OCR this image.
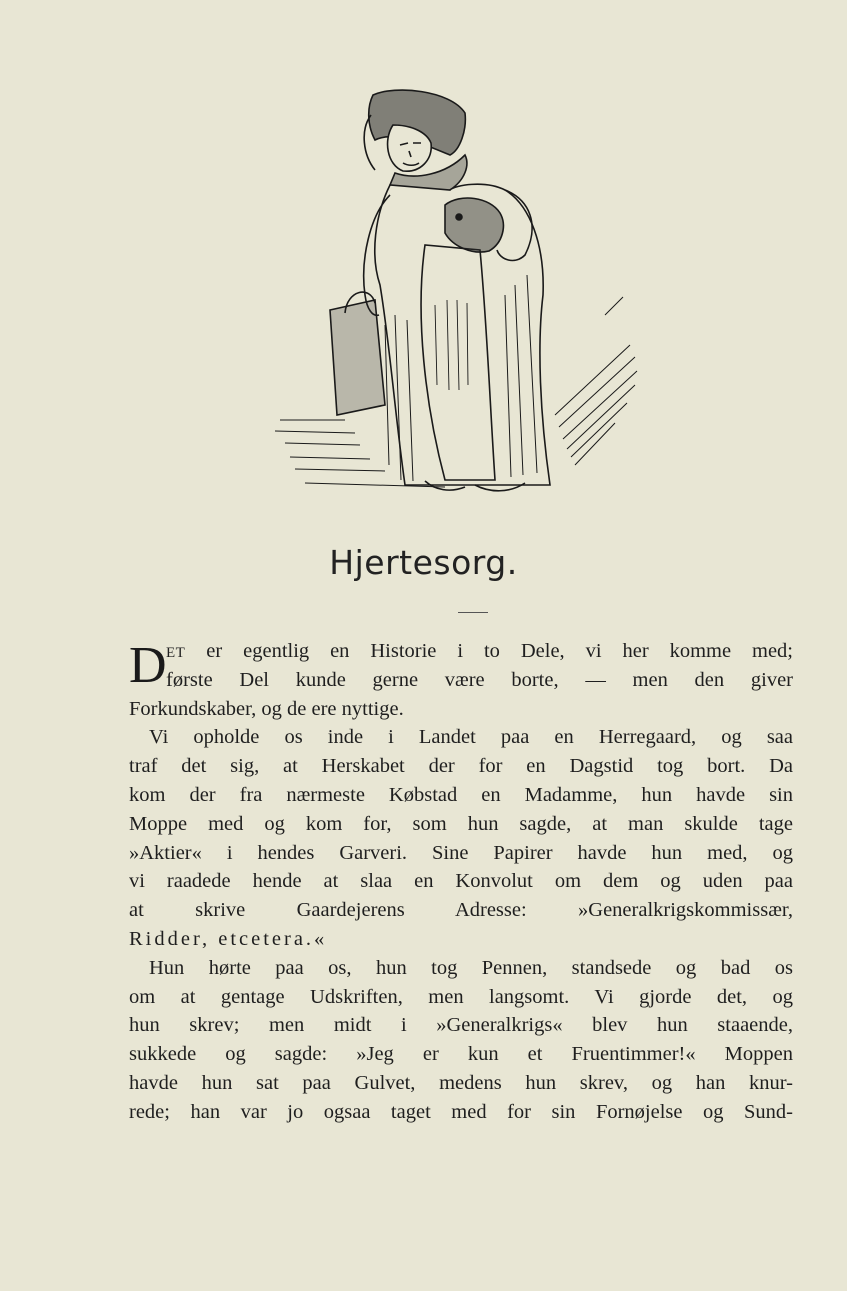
Hjertesorg.
D ET er egentlig en Historie i to Dele, vi her komme med;
første Del kunde gerne være borte, — men den giver
Forkundskaber, og de ere nyttige.
Vi opholde os inde i Landet paa en Herregaard, og saa
traf det sig, at Herskabet der for en Dagstid tog bort. Da
kom der fra nærmeste Købstad en Madamme, hun havde sin
Moppe med og kom for, som hun sagde, at man skulde tage
»Aktier« i hendes Garveri. Sine Papirer havde hun med, og
vi raadede hende at slaa en Konvolut om dem og uden paa
at skrive Gaardejerens Adresse: »Generalkrigskommissær,
Ridder, etcetera.«
Hun hørte paa os, hun tog Pennen, standsede og bad os
om at gentage Udskriften, men langsomt. Vi gjorde det, og
hun skrev; men midt i »Generalkrigs« blev hun staaende,
sukkede og sagde: »Jeg er kun et Fruentimmer!« Moppen
havde hun sat paa Gulvet, medens hun skrev, og han knur-
rede; han var jo ogsaa taget med for sin Fornøjelse og Sund-
